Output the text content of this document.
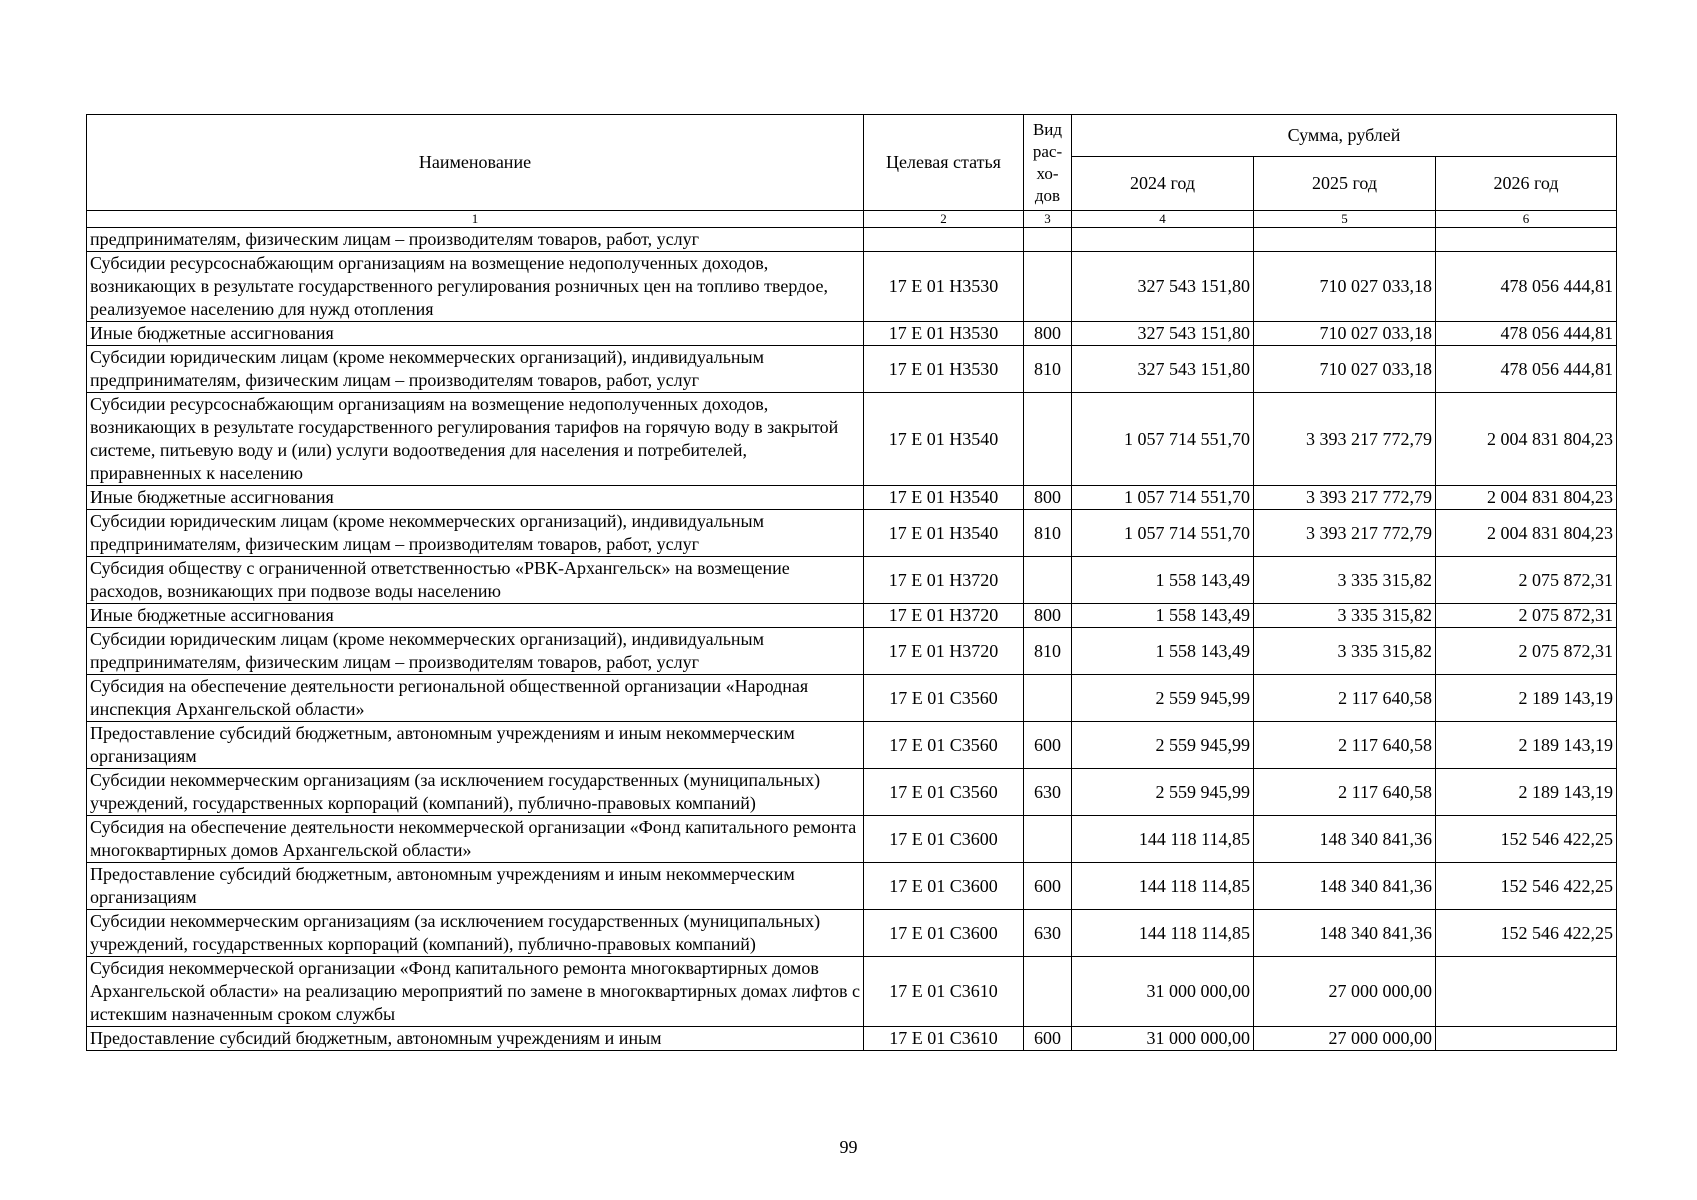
Наименование	Целевая статья	Вид рас-хо-дов	Сумма, рублей		
			2024 год	2025 год	2026 год
1	2	3	4	5	6
предпринимателям, физическим лицам – производителям товаров, работ, услуг					
Субсидии ресурсоснабжающим организациям на возмещение недополученных доходов, возникающих в результате государственного регулирования розничных цен на топливо твердое, реализуемое населению для нужд отопления	17 Е 01 Н3530		327 543 151,80	710 027 033,18	478 056 444,81
Иные бюджетные ассигнования	17 Е 01 Н3530	800	327 543 151,80	710 027 033,18	478 056 444,81
Субсидии юридическим лицам (кроме некоммерческих организаций), индивидуальным предпринимателям, физическим лицам – производителям товаров, работ, услуг	17 Е 01 Н3530	810	327 543 151,80	710 027 033,18	478 056 444,81
Субсидии ресурсоснабжающим организациям на возмещение недополученных доходов, возникающих в результате государственного регулирования тарифов на горячую воду в закрытой системе, питьевую воду и (или) услуги водоотведения для населения и потребителей, приравненных к населению	17 Е 01 Н3540		1 057 714 551,70	3 393 217 772,79	2 004 831 804,23
Иные бюджетные ассигнования	17 Е 01 Н3540	800	1 057 714 551,70	3 393 217 772,79	2 004 831 804,23
Субсидии юридическим лицам (кроме некоммерческих организаций), индивидуальным предпринимателям, физическим лицам – производителям товаров, работ, услуг	17 Е 01 Н3540	810	1 057 714 551,70	3 393 217 772,79	2 004 831 804,23
Субсидия обществу с ограниченной ответственностью «РВК-Архангельск» на возмещение расходов, возникающих при подвозе воды населению	17 Е 01 Н3720		1 558 143,49	3 335 315,82	2 075 872,31
Иные бюджетные ассигнования	17 Е 01 Н3720	800	1 558 143,49	3 335 315,82	2 075 872,31
Субсидии юридическим лицам (кроме некоммерческих организаций), индивидуальным предпринимателям, физическим лицам – производителям товаров, работ, услуг	17 Е 01 Н3720	810	1 558 143,49	3 335 315,82	2 075 872,31
Субсидия на обеспечение деятельности региональной общественной организации «Народная инспекция Архангельской области»	17 Е 01 С3560		2 559 945,99	2 117 640,58	2 189 143,19
Предоставление субсидий бюджетным, автономным учреждениям и иным некоммерческим организациям	17 Е 01 С3560	600	2 559 945,99	2 117 640,58	2 189 143,19
Субсидии некоммерческим организациям (за исключением государственных (муниципальных) учреждений, государственных корпораций (компаний), публично-правовых компаний)	17 Е 01 С3560	630	2 559 945,99	2 117 640,58	2 189 143,19
Субсидия на обеспечение деятельности некоммерческой организации «Фонд капитального ремонта многоквартирных домов Архангельской области»	17 Е 01 С3600		144 118 114,85	148 340 841,36	152 546 422,25
Предоставление субсидий бюджетным, автономным учреждениям и иным некоммерческим организациям	17 Е 01 С3600	600	144 118 114,85	148 340 841,36	152 546 422,25
Субсидии некоммерческим организациям (за исключением государственных (муниципальных) учреждений, государственных корпораций (компаний), публично-правовых компаний)	17 Е 01 С3600	630	144 118 114,85	148 340 841,36	152 546 422,25
Субсидия некоммерческой организации «Фонд капитального ремонта многоквартирных домов Архангельской области» на реализацию мероприятий по замене в многоквартирных домах лифтов с истекшим назначенным сроком службы	17 Е 01 С3610		31 000 000,00	27 000 000,00	
Предоставление субсидий бюджетным, автономным учреждениям и иным	17 Е 01 С3610	600	31 000 000,00	27 000 000,00	
99
